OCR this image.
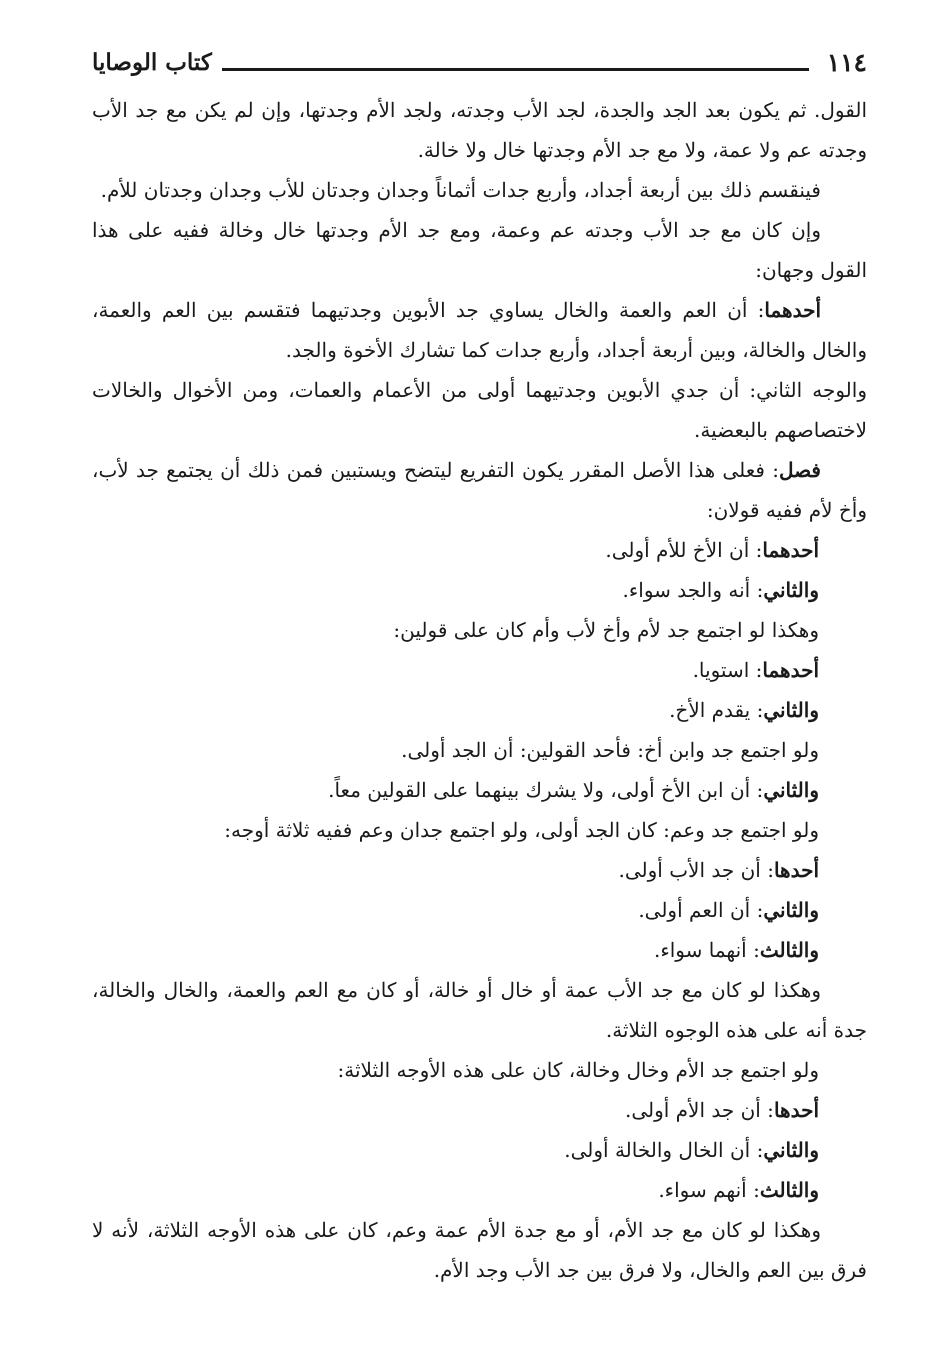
١١٤
كتاب الوصايا

القول. ثم يكون بعد الجد والجدة، لجد الأب وجدته، ولجد الأم وجدتها، وإن لم يكن مع جد الأب وجدته عم ولا عمة، ولا مع جد الأم وجدتها خال ولا خالة.

فينقسم ذلك بين أربعة أجداد، وأربع جدات أثماناً وجدان وجدتان للأب وجدان وجدتان للأم.

وإن كان مع جد الأب وجدته عم وعمة، ومع جد الأم وجدتها خال وخالة ففيه على هذا القول وجهان:

أحدهما: أن العم والعمة والخال يساوي جد الأبوين وجدتيهما فتقسم بين العم والعمة، والخال والخالة، وبين أربعة أجداد، وأربع جدات كما تشارك الأخوة والجد.

والوجه الثاني: أن جدي الأبوين وجدتيهما أولى من الأعمام والعمات، ومن الأخوال والخالات لاختصاصهم بالبعضية.

فصل: فعلى هذا الأصل المقرر يكون التفريع ليتضح ويستبين فمن ذلك أن يجتمع جد لأب، وأخ لأم ففيه قولان:

أحدهما: أن الأخ للأم أولى.

والثاني: أنه والجد سواء.

وهكذا لو اجتمع جد لأم وأخ لأب وأم كان على قولين:

أحدهما: استويا.

والثاني: يقدم الأخ.

ولو اجتمع جد وابن أخ: فأحد القولين: أن الجد أولى.

والثاني: أن ابن الأخ أولى، ولا يشرك بينهما على القولين معاً.

ولو اجتمع جد وعم: كان الجد أولى، ولو اجتمع جدان وعم ففيه ثلاثة أوجه:

أحدها: أن جد الأب أولى.

والثاني: أن العم أولى.

والثالث: أنهما سواء.

وهكذا لو كان مع جد الأب عمة أو خال أو خالة، أو كان مع العم والعمة، والخال والخالة، جدة أنه على هذه الوجوه الثلاثة.

ولو اجتمع جد الأم وخال وخالة، كان على هذه الأوجه الثلاثة:

أحدها: أن جد الأم أولى.

والثاني: أن الخال والخالة أولى.

والثالث: أنهم سواء.

وهكذا لو كان مع جد الأم، أو مع جدة الأم عمة وعم، كان على هذه الأوجه الثلاثة، لأنه لا فرق بين العم والخال، ولا فرق بين جد الأب وجد الأم.
